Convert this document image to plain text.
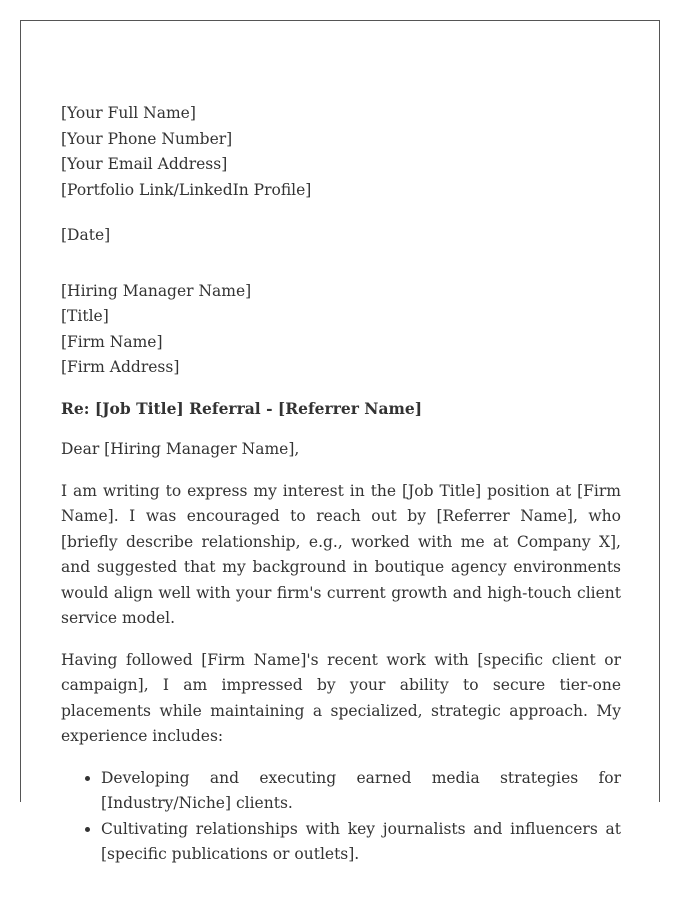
[Your Full Name]
[Your Phone Number]
[Your Email Address]
[Portfolio Link/LinkedIn Profile]
[Date]
[Hiring Manager Name]
[Title]
[Firm Name]
[Firm Address]

Re: [Job Title] Referral - [Referrer Name]

Dear [Hiring Manager Name],

I am writing to express my interest in the [Job Title] position at [Firm Name]. I was encouraged to reach out by [Referrer Name], who [briefly describe relationship, e.g., worked with me at Company X], and suggested that my background in boutique agency environments would align well with your firm's current growth and high-touch client service model.

Having followed [Firm Name]'s recent work with [specific client or campaign], I am impressed by your ability to secure tier-one placements while maintaining a specialized, strategic approach. My experience includes:

• Developing and executing earned media strategies for [Industry/Niche] clients.
• Cultivating relationships with key journalists and influencers at [specific publications or outlets].
